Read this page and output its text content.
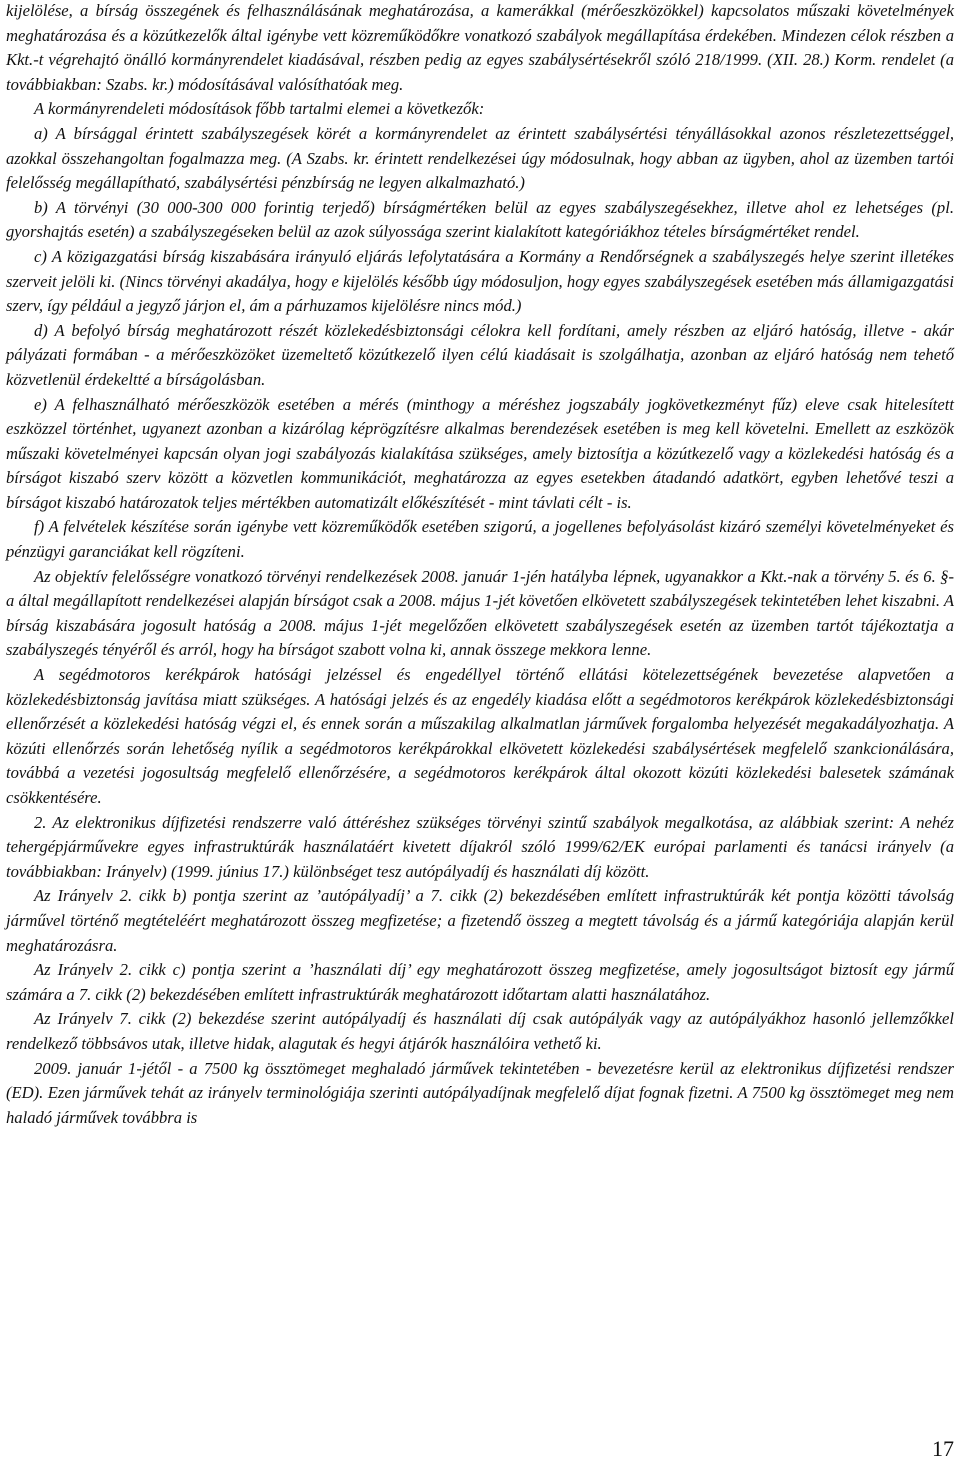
kijelölése, a bírság összegének és felhasználásának meghatározása, a kamerákkal (mérőeszközökkel) kapcsolatos műszaki követelmények meghatározása és a közútkezelők által igénybe vett közreműködőkre vonatkozó szabályok megállapítása érdekében. Mindezen célok részben a Kkt.-t végrehajtó önálló kormányrendelet kiadásával, részben pedig az egyes szabálysértésekről szóló 218/1999. (XII. 28.) Korm. rendelet (a továbbiakban: Szabs. kr.) módosításával valósíthatóak meg.

A kormányrendeleti módosítások főbb tartalmi elemei a következők:

a) A bírsággal érintett szabályszegések körét a kormányrendelet az érintett szabálysértési tényállásokkal azonos részletezettséggel, azokkal összehangoltan fogalmazza meg. (A Szabs. kr. érintett rendelkezései úgy módosulnak, hogy abban az ügyben, ahol az üzemben tartói felelősség megállapítható, szabálysértési pénzbírság ne legyen alkalmazható.)

b) A törvényi (30 000-300 000 forintig terjedő) bírságmértéken belül az egyes szabályszegésekhez, illetve ahol ez lehetséges (pl. gyorshajtás esetén) a szabályszegéseken belül az azok súlyossága szerint kialakított kategóriákhoz tételes bírságmértéket rendel.

c) A közigazgatási bírság kiszabására irányuló eljárás lefolytatására a Kormány a Rendőrségnek a szabályszegés helye szerint illetékes szerveit jelöli ki. (Nincs törvényi akadálya, hogy e kijelölés később úgy módosuljon, hogy egyes szabályszegések esetében más államigazgatási szerv, így például a jegyző járjon el, ám a párhuzamos kijelölésre nincs mód.)

d) A befolyó bírság meghatározott részét közlekedésbiztonsági célokra kell fordítani, amely részben az eljáró hatóság, illetve - akár pályázati formában - a mérőeszközöket üzemeltető közútkezelő ilyen célú kiadásait is szolgálhatja, azonban az eljáró hatóság nem tehető közvetlenül érdekeltté a bírságolásban.

e) A felhasználható mérőeszközök esetében a mérés (minthogy a méréshez jogszabály jogkövetkezményt fűz) eleve csak hitelesített eszközzel történhet, ugyanezt azonban a kizárólag képrögzítésre alkalmas berendezések esetében is meg kell követelni. Emellett az eszközök műszaki követelményei kapcsán olyan jogi szabályozás kialakítása szükséges, amely biztosítja a közútkezelő vagy a közlekedési hatóság és a bírságot kiszabó szerv között a közvetlen kommunikációt, meghatározza az egyes esetekben átadandó adatkört, egyben lehetővé teszi a bírságot kiszabó határozatok teljes mértékben automatizált előkészítését - mint távlati célt - is.

f) A felvételek készítése során igénybe vett közreműködők esetében szigorú, a jogellenes befolyásolást kizáró személyi követelményeket és pénzügyi garanciákat kell rögzíteni.

Az objektív felelősségre vonatkozó törvényi rendelkezések 2008. január 1-jén hatályba lépnek, ugyanakkor a Kkt.-nak a törvény 5. és 6. §-a által megállapított rendelkezései alapján bírságot csak a 2008. május 1-jét követően elkövetett szabályszegések tekintetében lehet kiszabni. A bírság kiszabására jogosult hatóság a 2008. május 1-jét megelőzően elkövetett szabályszegések esetén az üzemben tartót tájékoztatja a szabályszegés tényéről és arról, hogy ha bírságot szabott volna ki, annak összege mekkora lenne.

A segédmotoros kerékpárok hatósági jelzéssel és engedéllyel történő ellátási kötelezettségének bevezetése alapvetően a közlekedésbiztonság javítása miatt szükséges. A hatósági jelzés és az engedély kiadása előtt a segédmotoros kerékpárok közlekedésbiztonsági ellenőrzését a közlekedési hatóság végzi el, és ennek során a műszakilag alkalmatlan járművek forgalomba helyezését megakadályozhatja. A közúti ellenőrzés során lehetőség nyílik a segédmotoros kerékpárokkal elkövetett közlekedési szabálysértések megfelelő szankcionálására, továbbá a vezetési jogosultság megfelelő ellenőrzésére, a segédmotoros kerékpárok által okozott közúti közlekedési balesetek számának csökkentésére.

2. Az elektronikus díjfizetési rendszerre való áttéréshez szükséges törvényi szintű szabályok megalkotása, az alábbiak szerint: A nehéz tehergépjárművekre egyes infrastruktúrák használatáért kivetett díjakról szóló 1999/62/EK európai parlamenti és tanácsi irányelv (a továbbiakban: Irányelv) (1999. június 17.) különbséget tesz autópályadíj és használati díj között.

Az Irányelv 2. cikk b) pontja szerint az ’autópályadíj’ a 7. cikk (2) bekezdésében említett infrastruktúrák két pontja közötti távolság járművel történő megtételéért meghatározott összeg megfizetése; a fizetendő összeg a megtett távolság és a jármű kategóriája alapján kerül meghatározásra.

Az Irányelv 2. cikk c) pontja szerint a ’használati díj’ egy meghatározott összeg megfizetése, amely jogosultságot biztosít egy jármű számára a 7. cikk (2) bekezdésében említett infrastruktúrák meghatározott időtartam alatti használatához.

Az Irányelv 7. cikk (2) bekezdése szerint autópályadíj és használati díj csak autópályák vagy az autópályákhoz hasonló jellemzőkkel rendelkező többsávos utak, illetve hidak, alagutak és hegyi átjárók használóira vethető ki.

2009. január 1-jétől - a 7500 kg össztömeget meghaladó járművek tekintetében - bevezetésre kerül az elektronikus díjfizetési rendszer (ED). Ezen járművek tehát az irányelv terminológiája szerinti autópályadíjnak megfelelő díjat fognak fizetni. A 7500 kg össztömeget meg nem haladó járművek továbbra is

17
